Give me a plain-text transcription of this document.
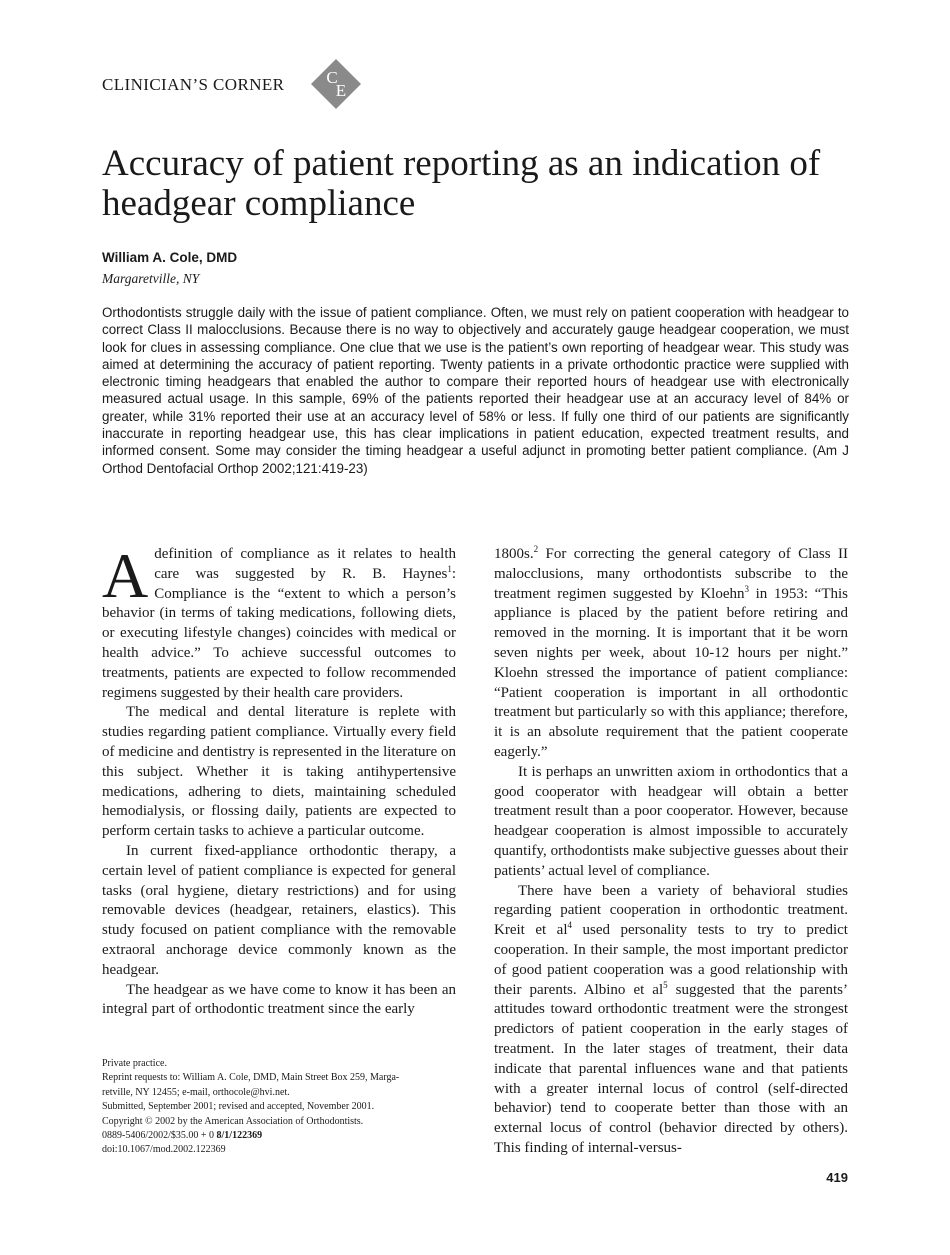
CLINICIAN’S CORNER C
E
Accuracy of patient reporting as an indication of headgear compliance
William A. Cole, DMD
Margaretville, NY

Orthodontists struggle daily with the issue of patient compliance. Often, we must rely on patient cooperation with headgear to correct Class II malocclusions. Because there is no way to objectively and accurately gauge headgear cooperation, we must look for clues in assessing compliance. One clue that we use is the patient’s own reporting of headgear wear. This study was aimed at determining the accuracy of patient reporting. Twenty patients in a private orthodontic practice were supplied with electronic timing headgears that enabled the author to compare their reported hours of headgear use with electronically measured actual usage. In this sample, 69% of the patients reported their headgear use at an accuracy level of 84% or greater, while 31% reported their use at an accuracy level of 58% or less. If fully one third of our patients are significantly inaccurate in reporting headgear use, this has clear implications in patient education, expected treatment results, and informed consent. Some may consider the timing headgear a useful adjunct in promoting better patient compliance. (Am J Orthod Dentofacial Orthop 2002;121:419-23)

Adefinition of compliance as it relates to health care was suggested by R. B. Haynes$^1$: Compliance is the “extent to which a person’s behavior (in terms of taking medications, following diets, or executing lifestyle changes) coincides with medical or health advice.” To achieve successful outcomes to treatments, patients are expected to follow recommended regimens suggested by their health care providers.

The medical and dental literature is replete with studies regarding patient compliance. Virtually every field of medicine and dentistry is represented in the literature on this subject. Whether it is taking antihypertensive medications, adhering to diets, maintaining scheduled hemodialysis, or flossing daily, patients are expected to perform certain tasks to achieve a particular outcome.

In current fixed-appliance orthodontic therapy, a certain level of patient compliance is expected for general tasks (oral hygiene, dietary restrictions) and for using removable devices (headgear, retainers, elastics). This study focused on patient compliance with the removable extraoral anchorage device commonly known as the headgear.

The headgear as we have come to know it has been an integral part of orthodontic treatment since the early

Private practice.
Reprint requests to: William A. Cole, DMD, Main Street Box 259, Marga-
retville, NY 12455; e-mail, orthocole@hvi.net.
Submitted, September 2001; revised and accepted, November 2001.
Copyright © 2002 by the American Association of Orthodontists.
0889-5406/2002/$35.00 + 0 8/1/122369
doi:10.1067/mod.2002.122369

1800s.$^2$ For correcting the general category of Class II malocclusions, many orthodontists subscribe to the treatment regimen suggested by Kloehn$^3$ in 1953: “This appliance is placed by the patient before retiring and removed in the morning. It is important that it be worn seven nights per week, about 10-12 hours per night.” Kloehn stressed the importance of patient compliance: “Patient cooperation is important in all orthodontic treatment but particularly so with this appliance; therefore, it is an absolute requirement that the patient cooperate eagerly.”

It is perhaps an unwritten axiom in orthodontics that a good cooperator with headgear will obtain a better treatment result than a poor cooperator. However, because headgear cooperation is almost impossible to accurately quantify, orthodontists make subjective guesses about their patients’ actual level of compliance.

There have been a variety of behavioral studies regarding patient cooperation in orthodontic treatment. Kreit et $al^4$ used personality tests to try to predict cooperation. In their sample, the most important predictor of good patient cooperation was a good relationship with their parents. Albino et $al^5$ suggested that the parents’ attitudes toward orthodontic treatment were the strongest predictors of patient cooperation in the early stages of treatment. In the later stages of treatment, their data indicate that parental influences wane and that patients with a greater internal locus of control (self-directed behavior) tend to cooperate better than those with an external locus of control (behavior directed by others). This finding of internal-versus-

419
